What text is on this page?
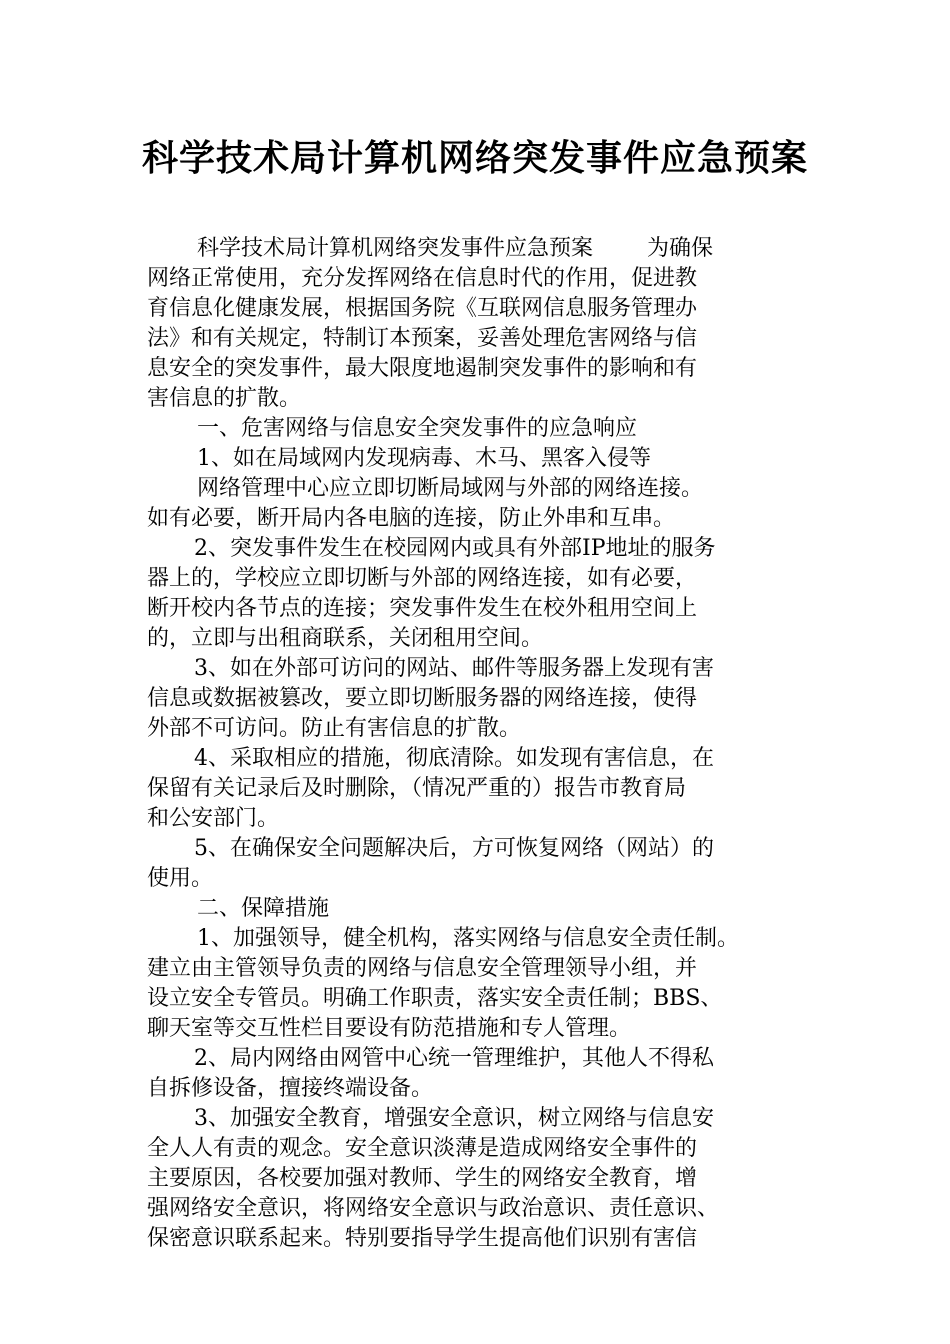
科学技术局计算机网络突发事件应急预案
科学技术局计算机网络突发事件应急预案 为确保
网络正常使用，充分发挥网络在信息时代的作用，促进教
育信息化健康发展，根据国务院《互联网信息服务管理办
法》和有关规定，特制订本预案，妥善处理危害网络与信
息安全的突发事件，最大限度地遏制突发事件的影响和有
害信息的扩散。
一、危害网络与信息安全突发事件的应急响应
1、如在局域网内发现病毒、木马、黑客入侵等
网络管理中心应立即切断局域网与外部的网络连接。
如有必要，断开局内各电脑的连接，防止外串和互串。
2、突发事件发生在校园网内或具有外部IP地址的服务
器上的，学校应立即切断与外部的网络连接，如有必要，
断开校内各节点的连接；突发事件发生在校外租用空间上
的，立即与出租商联系，关闭租用空间。
3、如在外部可访问的网站、邮件等服务器上发现有害
信息或数据被篡改，要立即切断服务器的网络连接，使得
外部不可访问。防止有害信息的扩散。
4、采取相应的措施，彻底清除。如发现有害信息，在
保留有关记录后及时删除，（情况严重的）报告市教育局
和公安部门。
5、在确保安全问题解决后，方可恢复网络（网站）的
使用。
二、保障措施
1、加强领导，健全机构，落实网络与信息安全责任制。
建立由主管领导负责的网络与信息安全管理领导小组，并
设立安全专管员。明确工作职责，落实安全责任制；BBS、
聊天室等交互性栏目要设有防范措施和专人管理。
2、局内网络由网管中心统一管理维护，其他人不得私
自拆修设备，擅接终端设备。
3、加强安全教育，增强安全意识，树立网络与信息安
全人人有责的观念。安全意识淡薄是造成网络安全事件的
主要原因，各校要加强对教师、学生的网络安全教育，增
强网络安全意识，将网络安全意识与政治意识、责任意识、
保密意识联系起来。特别要指导学生提高他们识别有害信
